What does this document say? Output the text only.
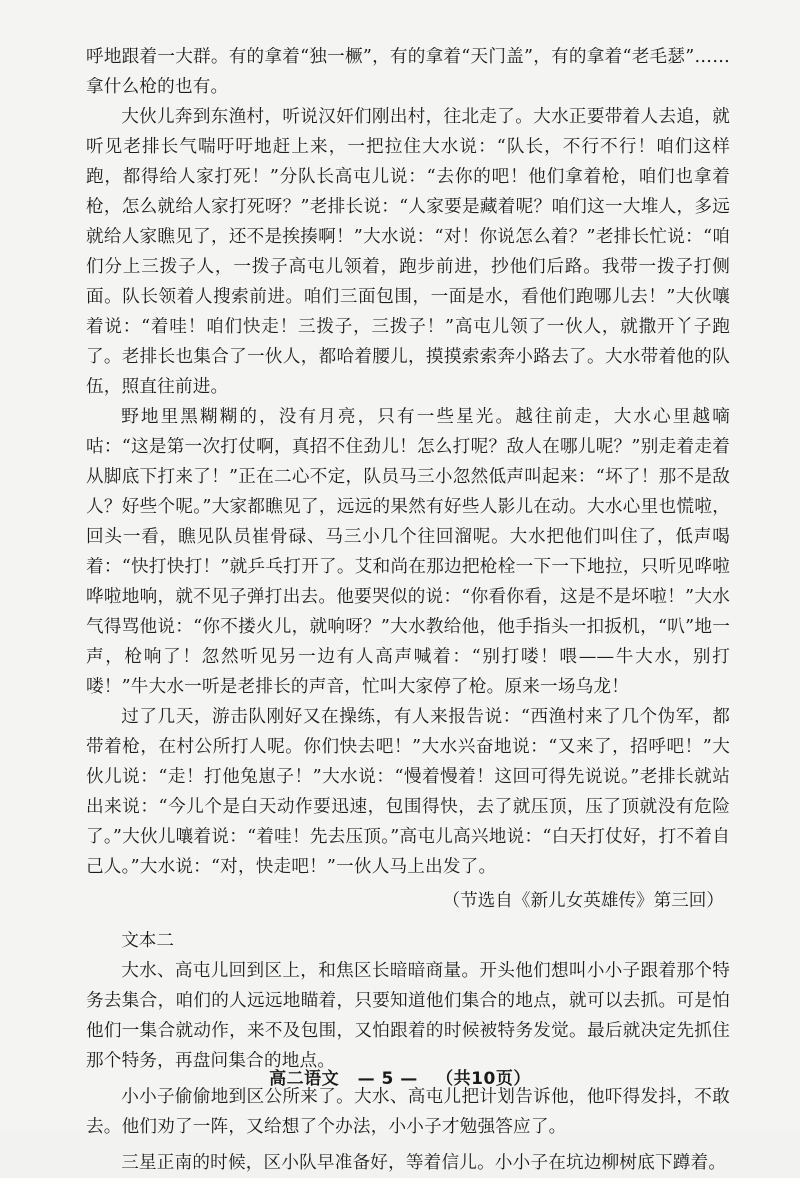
呼地跟着一大群。有的拿着“独一橛”，有的拿着“天门盖”，有的拿着“老毛瑟”……拿什么枪的也有。

大伙儿奔到东渔村，听说汉奸们刚出村，往北走了。大水正要带着人去追，就听见老排长气喘吁吁地赶上来，一把拉住大水说：“队长，不行不行！咱们这样跑，都得给人家打死！”分队长高屯儿说：“去你的吧！他们拿着枪，咱们也拿着枪，怎么就给人家打死呀？”老排长说：“人家要是藏着呢？咱们这一大堆人，多远就给人家瞧见了，还不是挨揍啊！”大水说：“对！你说怎么着？”老排长忙说：“咱们分上三拨子人，一拨子高屯儿领着，跑步前进，抄他们后路。我带一拨子打侧面。队长领着人搜索前进。咱们三面包围，一面是水，看他们跑哪儿去！”大伙嚷着说：“着哇！咱们快走！三拨子，三拨子！”高屯儿领了一伙人，就撒开丫子跑了。老排长也集合了一伙人，都哈着腰儿，摸摸索索奔小路去了。大水带着他的队伍，照直往前进。

野地里黑糊糊的，没有月亮，只有一些星光。越往前走，大水心里越嘀咕：“这是第一次打仗啊，真招不住劲儿！怎么打呢？敌人在哪儿呢？”别走着走着从脚底下打来了！”正在二心不定，队员马三小忽然低声叫起来：“坏了！那不是敌人？好些个呢。”大家都瞧见了，远远的果然有好些人影儿在动。大水心里也慌啦，回头一看，瞧见队员崔骨碌、马三小几个往回溜呢。大水把他们叫住了，低声喝着：“快打快打！”就乒乓打开了。艾和尚在那边把枪栓一下一下地拉，只听见哗啦哗啦地响，就不见子弹打出去。他要哭似的说：“你看你看，这是不是坏啦！”大水气得骂他说：“你不搂火儿，就响呀？”大水教给他，他手指头一扣扳机，“叭”地一声，枪响了！忽然听见另一边有人高声喊着：“别打喽！喂——牛大水，别打喽！”牛大水一听是老排长的声音，忙叫大家停了枪。原来一场乌龙！

过了几天，游击队刚好又在操练，有人来报告说：“西渔村来了几个伪军，都带着枪，在村公所打人呢。你们快去吧！”大水兴奋地说：“又来了，招呼吧！”大伙儿说：“走！打他兔崽子！”大水说：“慢着慢着！这回可得先说说。”老排长就站出来说：“今儿个是白天动作要迅速，包围得快，去了就压顶，压了顶就没有危险了。”大伙儿嚷着说：“着哇！先去压顶。”高屯儿高兴地说：“白天打仗好，打不着自己人。”大水说：“对，快走吧！”一伙人马上出发了。

（节选自《新儿女英雄传》第三回）

文本二

大水、高屯儿回到区上，和焦区长暗暗商量。开头他们想叫小小子跟着那个特务去集合，咱们的人远远地瞄着，只要知道他们集合的地点，就可以去抓。可是怕他们一集合就动作，来不及包围，又怕跟着的时候被特务发觉。最后就决定先抓住那个特务，再盘问集合的地点。

小小子偷偷地到区公所来了。大水、高屯儿把计划告诉他，他吓得发抖，不敢去。他们劝了一阵，又给想了个办法，小小子才勉强答应了。

三星正南的时候，区小队早准备好，等着信儿。小小子在坑边柳树底下蹲着。

高二语文 — 5 — （共10页）
